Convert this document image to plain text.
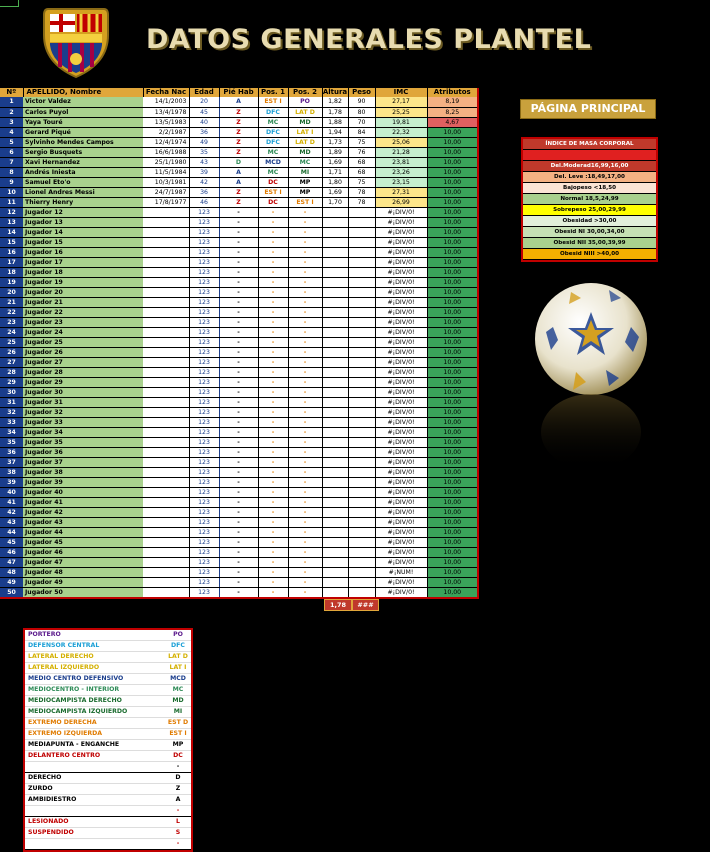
DATOS GENERALES PLANTEL
Nº	APELLIDO, Nombre	Fecha Nac	Edad	Pié Hab	Pos. 1	Pos. 2	Altura	Peso	IMC	Atributos
1	Victor Valdez	14/1/2003	20	A	EST I	PO	1,82	90	27,17	8,19
2	Carlos Puyol	13/4/1978	45	Z	DFC	LAT D	1,78	80	25,25	8,25
3	Yaya Touré	13/5/1983	40	Z	MC	MD	1,88	70	19,81	4,67
4	Gerard Piqué	2/2/1987	36	Z	DFC	LAT I	1,94	84	22,32	10,00
5	Sylvinho Mendes Campos	12/4/1974	49	Z	DFC	LAT D	1,73	75	25,06	10,00
6	Sergio Busquets	16/6/1988	35	Z	MC	MD	1,89	76	21,28	10,00
7	Xavi Hernandez	25/1/1980	43	D	MCD	MC	1,69	68	23,81	10,00
8	Andrés Iniesta	11/5/1984	39	A	MC	MI	1,71	68	23,26	10,00
9	Samuel Eto'o	10/3/1981	42	A	DC	MP	1,80	75	23,15	10,00
10	Lionel Andres Messi	24/7/1987	36	Z	EST I	MP	1,69	78	27,31	10,00
11	Thierry Henry	17/8/1977	46	Z	DC	EST I	1,70	78	26,99	10,00
12	Jugador 12		123	-	-	-			#¡DIV/0!	10,00
13	Jugador 13		123	-	-	-			#¡DIV/0!	10,00
14	Jugador 14		123	-	-	-			#¡DIV/0!	10,00
15	Jugador 15		123	-	-	-			#¡DIV/0!	10,00
16	Jugador 16		123	-	-	-			#¡DIV/0!	10,00
17	Jugador 17		123	-	-	-			#¡DIV/0!	10,00
18	Jugador 18		123	-	-	-			#¡DIV/0!	10,00
19	Jugador 19		123	-	-	-			#¡DIV/0!	10,00
20	Jugador 20		123	-	-	-			#¡DIV/0!	10,00
21	Jugador 21		123	-	-	-			#¡DIV/0!	10,00
22	Jugador 22		123	-	-	-			#¡DIV/0!	10,00
23	Jugador 23		123	-	-	-			#¡DIV/0!	10,00
24	Jugador 24		123	-	-	-			#¡DIV/0!	10,00
25	Jugador 25		123	-	-	-			#¡DIV/0!	10,00
26	Jugador 26		123	-	-	-			#¡DIV/0!	10,00
27	Jugador 27		123	-	-	-			#¡DIV/0!	10,00
28	Jugador 28		123	-	-	-			#¡DIV/0!	10,00
29	Jugador 29		123	-	-	-			#¡DIV/0!	10,00
30	Jugador 30		123	-	-	-			#¡DIV/0!	10,00
31	Jugador 31		123	-	-	-			#¡DIV/0!	10,00
32	Jugador 32		123	-	-	-			#¡DIV/0!	10,00
33	Jugador 33		123	-	-	-			#¡DIV/0!	10,00
34	Jugador 34		123	-	-	-			#¡DIV/0!	10,00
35	Jugador 35		123	-	-	-			#¡DIV/0!	10,00
36	Jugador 36		123	-	-	-			#¡DIV/0!	10,00
37	Jugador 37		123	-	-	-			#¡DIV/0!	10,00
38	Jugador 38		123	-	-	-			#¡DIV/0!	10,00
39	Jugador 39		123	-	-	-			#¡DIV/0!	10,00
40	Jugador 40		123	-	-	-			#¡DIV/0!	10,00
41	Jugador 41		123	-	-	-			#¡DIV/0!	10,00
42	Jugador 42		123	-	-	-			#¡DIV/0!	10,00
43	Jugador 43		123	-	-	-			#¡DIV/0!	10,00
44	Jugador 44		123	-	-	-			#¡DIV/0!	10,00
45	Jugador 45		123	-	-	-			#¡DIV/0!	10,00
46	Jugador 46		123	-	-	-			#¡DIV/0!	10,00
47	Jugador 47		123	-	-	-			#¡DIV/0!	10,00
48	Jugador 48		123	-	-	-			#¡NUM!	10,00
49	Jugador 49		123	-	-	-			#¡DIV/0!	10,00
50	Jugador 50		123	-	-	-			#¡DIV/0!	10,00
1,78	###
PÁGINA PRINCIPAL
ÍNDICE DE MASA CORPORAL
Del.Moderad16,99,16,00
Del. Leve :18,49,17,00
Bajopeso <18,50
Normal 18,5,24,99
Sobrepeso 25,00,29,99
Obesidad >30,00
Obesid NI 30,00,34,00
Obesid NII 35,00,39,99
Obesid NIII >40,00
PORTERO	PO
DEFENSOR CENTRAL	DFC
LATERAL DERECHO	LAT D
LATERAL IZQUIERDO	LAT I
MEDIO CENTRO DEFENSIVO	MCD
MEDIOCENTRO - INTERIOR	MC
MEDIOCAMPISTA DERECHO	MD
MEDIOCAMPISTA IZQUIERDO	MI
EXTREMO DERECHA	EST D
EXTREMO IZQUIERDA	EST I
MEDIAPUNTA - ENGANCHE	MP
DELANTERO CENTRO	DC
-
DERECHO	D
ZURDO	Z
AMBIDIESTRO	A
-
LESIONADO	L
SUSPENDIDO	S
-
